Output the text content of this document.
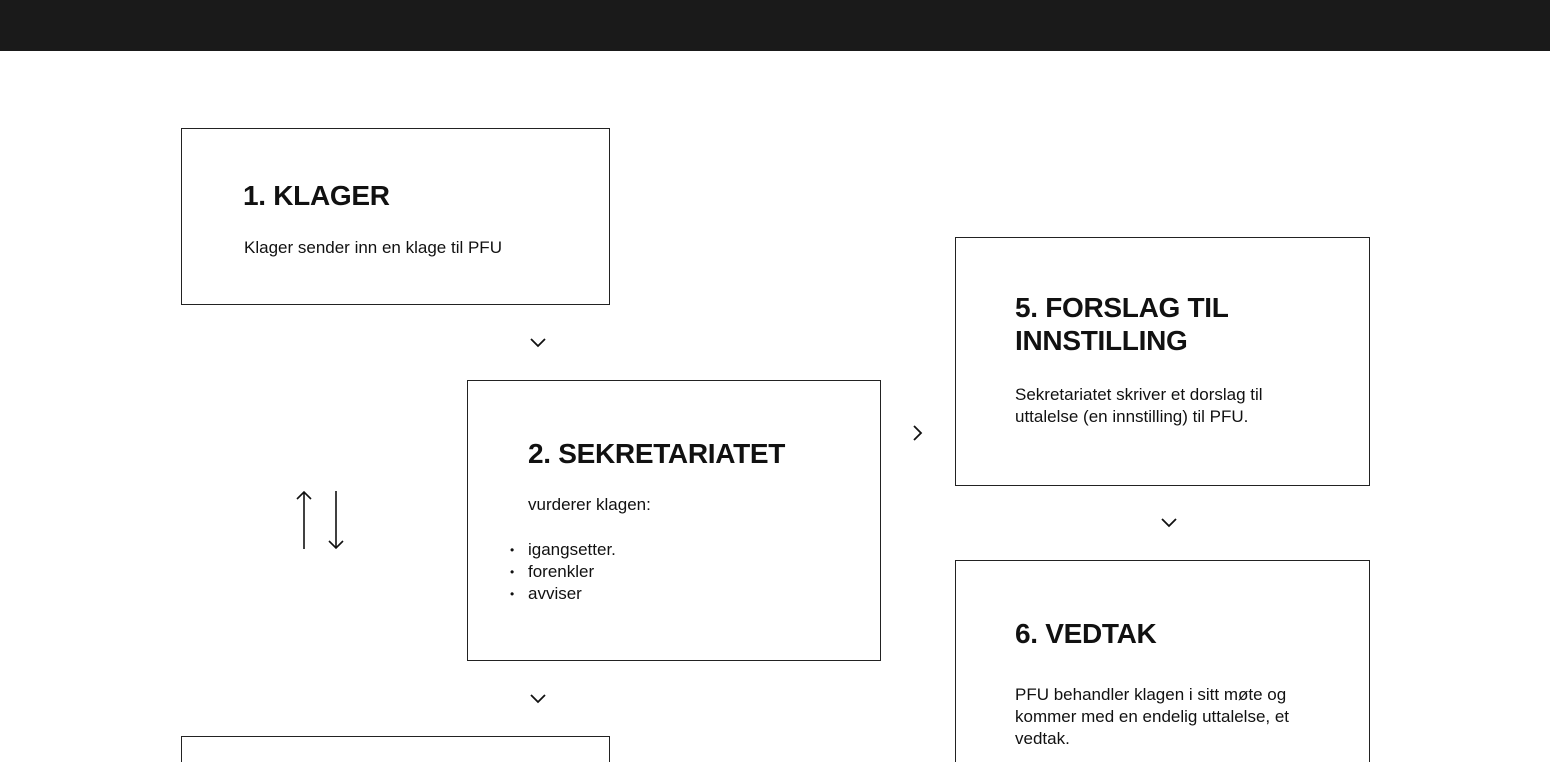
1. KLAGER

Klager sender inn en klage til PFU

2. SEKRETARIATET

vurderer klagen:

• igangsetter.
• forenkler
• avviser
5. FORSLAG TIL INNSTILLING

Sekretariatet skriver et dorslag til uttalelse (en innstilling) til PFU.

6. VEDTAK

PFU behandler klagen i sitt møte og kommer med en endelig uttalelse, et vedtak.
